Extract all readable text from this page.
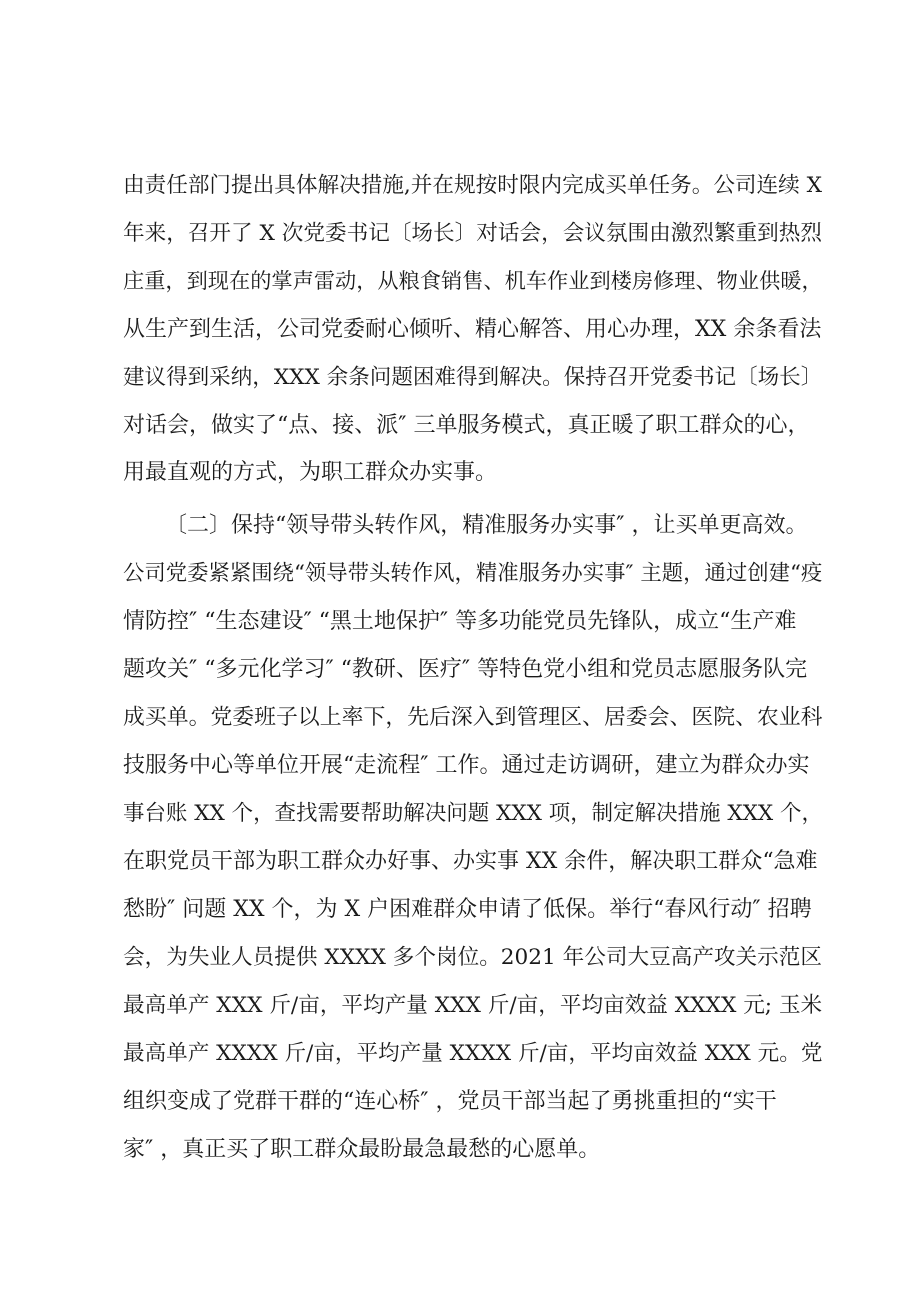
由责任部门提出具体解决措施,并在规按时限内完成买单任务。公司连续 X
年来，召开了 X 次党委书记〔场长〕对话会，会议氛围由激烈繁重到热烈
庄重，到现在的掌声雷动，从粮食销售、机车作业到楼房修理、物业供暖，
从生产到生活，公司党委耐心倾听、精心解答、用心办理，XX 余条看法
建议得到采纳，XXX 余条问题困难得到解决。保持召开党委书记〔场长〕
对话会，做实了“点、接、派″ 三单服务模式，真正暖了职工群众的心，
用最直观的方式，为职工群众办实事。
〔二〕保持“领导带头转作风，精准服务办实事″ ，让买单更高效。
公司党委紧紧围绕“领导带头转作风，精准服务办实事″ 主题，通过创建“疫
情防控″ “生态建设″ “黑土地保护″ 等多功能党员先锋队，成立“生产难
题攻关″ “多元化学习″ “教研、医疗″ 等特色党小组和党员志愿服务队完
成买单。党委班子以上率下，先后深入到管理区、居委会、医院、农业科
技服务中心等单位开展“走流程″ 工作。通过走访调研，建立为群众办实
事台账 XX 个，查找需要帮助解决问题 XXX 项，制定解决措施 XXX 个，
在职党员干部为职工群众办好事、办实事 XX 余件，解决职工群众“急难
愁盼″ 问题 XX 个，为 X 户困难群众申请了低保。举行“春风行动″ 招聘
会，为失业人员提供 XXXX 多个岗位。2021 年公司大豆高产攻关示范区
最高单产 XXX 斤/亩，平均产量 XXX 斤/亩，平均亩效益 XXXX 元; 玉米
最高单产 XXXX 斤/亩，平均产量 XXXX 斤/亩，平均亩效益 XXX 元。党
组织变成了党群干群的“连心桥″ ，党员干部当起了勇挑重担的“实干
家″ ，真正买了职工群众最盼最急最愁的心愿单。
